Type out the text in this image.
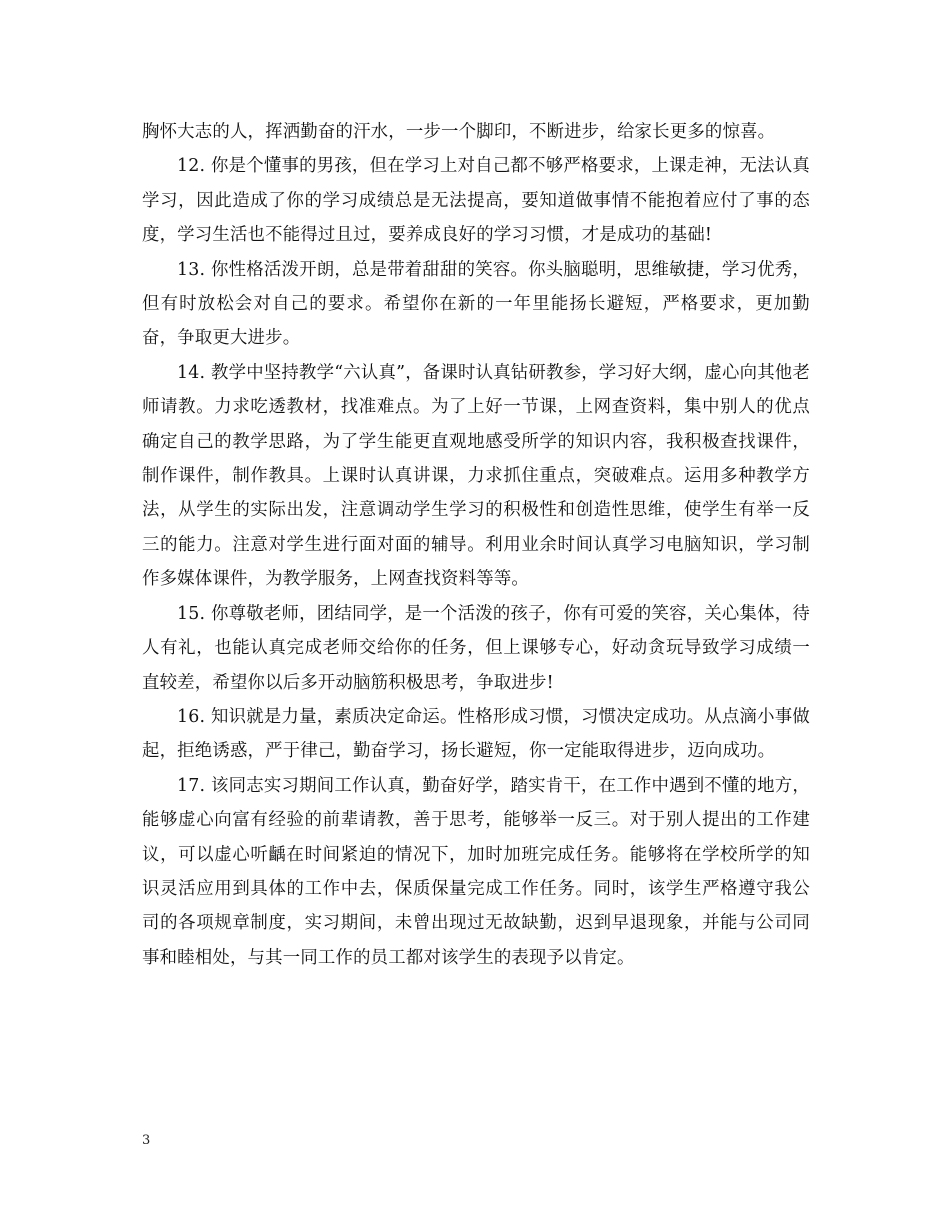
胸怀大志的人，挥洒勤奋的汗水，一步一个脚印，不断进步，给家长更多的惊喜。

12. 你是个懂事的男孩，但在学习上对自己都不够严格要求，上课走神，无法认真学习，因此造成了你的学习成绩总是无法提高，要知道做事情不能抱着应付了事的态度，学习生活也不能得过且过，要养成良好的学习习惯，才是成功的基础!

13. 你性格活泼开朗，总是带着甜甜的笑容。你头脑聪明，思维敏捷，学习优秀，但有时放松会对自己的要求。希望你在新的一年里能扬长避短，严格要求，更加勤奋，争取更大进步。

14. 教学中坚持教学“六认真”，备课时认真钻研教参，学习好大纲，虚心向其他老师请教。力求吃透教材，找准难点。为了上好一节课，上网查资料，集中别人的优点确定自己的教学思路，为了学生能更直观地感受所学的知识内容，我积极查找课件，制作课件，制作教具。上课时认真讲课，力求抓住重点，突破难点。运用多种教学方法，从学生的实际出发，注意调动学生学习的积极性和创造性思维，使学生有举一反三的能力。注意对学生进行面对面的辅导。利用业余时间认真学习电脑知识，学习制作多媒体课件，为教学服务，上网查找资料等等。

15. 你尊敬老师，团结同学，是一个活泼的孩子，你有可爱的笑容，关心集体，待人有礼，也能认真完成老师交给你的任务，但上课够专心，好动贪玩导致学习成绩一直较差，希望你以后多开动脑筋积极思考，争取进步!

16. 知识就是力量，素质决定命运。性格形成习惯，习惯决定成功。从点滴小事做起，拒绝诱惑，严于律己，勤奋学习，扬长避短，你一定能取得进步，迈向成功。

17. 该同志实习期间工作认真，勤奋好学，踏实肯干，在工作中遇到不懂的地方，能够虚心向富有经验的前辈请教，善于思考，能够举一反三。对于别人提出的工作建议，可以虚心听齲在时间紧迫的情况下，加时加班完成任务。能够将在学校所学的知识灵活应用到具体的工作中去，保质保量完成工作任务。同时，该学生严格遵守我公司的各项规章制度，实习期间，未曾出现过无故缺勤，迟到早退现象，并能与公司同事和睦相处，与其一同工作的员工都对该学生的表现予以肯定。

3
